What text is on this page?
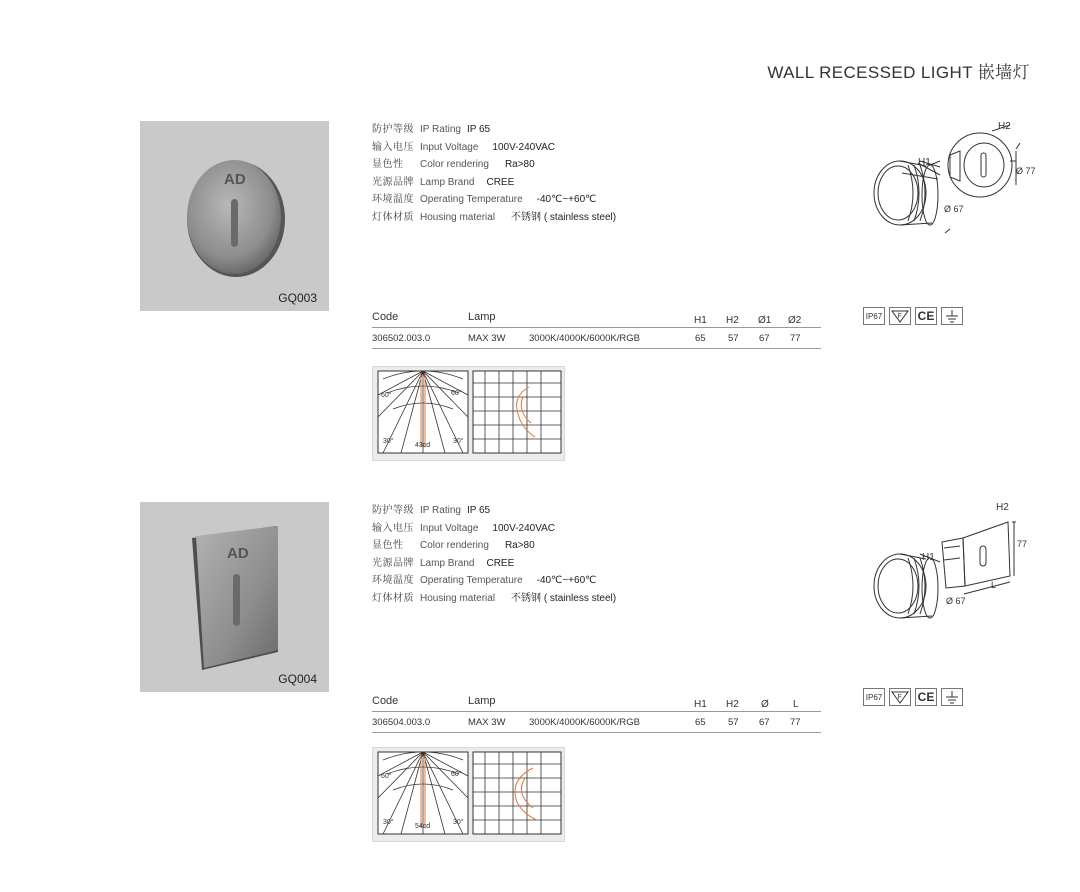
WALL RECESSED LIGHT 嵌墙灯
AD
GQ003
防护等级 IP Rating IP 65
输入电压 Input Voltage 100V-240VAC
显色性 Color rendering Ra>80
光源品牌 Lamp Brand CREE
环境温度 Operating Temperature -40℃~+60℃
灯体材质 Housing material 不锈钢 ( stainless steel)
H2
H1
Ø 77
Ø 67
IP67	F CE
Code	Lamp	H1 H2 Ø1 Ø2
306502.003.0	MAX 3W 3000K/4000K/6000K/RGB	65 57 67 77
60°	60°
30°	30°
43cd
AD
GQ004
防护等级 IP Rating IP 65
输入电压 Input Voltage 100V-240VAC
显色性 Color rendering Ra>80
光源品牌 Lamp Brand CREE
环境温度 Operating Temperature -40℃~+60℃
灯体材质 Housing material 不锈钢 ( stainless steel)
H2
H1
77
L
Ø 67
IP67	F CE
Code	Lamp	H1 H2 Ø L
306504.003.0	MAX 3W 3000K/4000K/6000K/RGB	65 57 67 77
60°	60°
30°	30°
54cd
